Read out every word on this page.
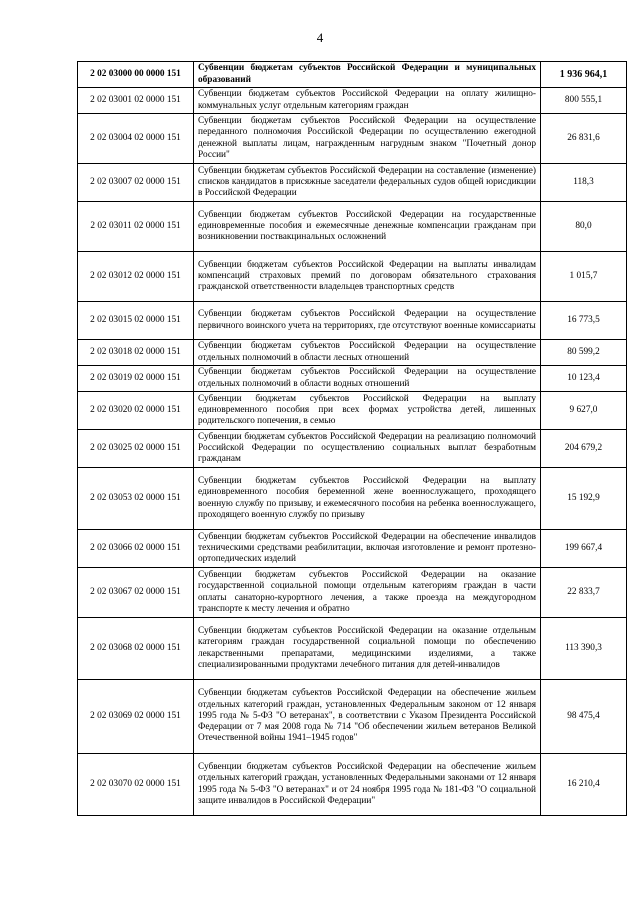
4
2 02 03000 00 0000 151	Субвенции бюджетам субъектов Российской Федерации и муниципальных образований	1 936 964,1
2 02 03001 02 0000 151	Субвенции бюджетам субъектов Российской Федерации на оплату жилищно-коммунальных услуг отдельным категориям граждан	800 555,1
2 02 03004 02 0000 151	Субвенции бюджетам субъектов Российской Федерации на осуществление переданного полномочия Российской Федерации по осуществлению ежегодной денежной выплаты лицам, награжденным нагрудным знаком "Почетный донор России"	26 831,6
2 02 03007 02 0000 151	Субвенции бюджетам субъектов Российской Федерации на составление (изменение) списков кандидатов в присяжные заседатели федеральных судов общей юрисдикции в Российской Федерации	118,3
2 02 03011 02 0000 151	Субвенции бюджетам субъектов Российской Федерации на государственные единовременные пособия и ежемесячные денежные компенсации гражданам при возникновении поствакцинальных осложнений	80,0
2 02 03012 02 0000 151	Субвенции бюджетам субъектов Российской Федерации на выплаты инвалидам компенсаций страховых премий по договорам обязательного страхования гражданской ответственности владельцев транспортных средств	1 015,7
2 02 03015 02 0000 151	Субвенции бюджетам субъектов Российской Федерации на осуществление первичного воинского учета на территориях, где отсутствуют военные комиссариаты	16 773,5
2 02 03018 02 0000 151	Субвенции бюджетам субъектов Российской Федерации на осуществление отдельных полномочий в области лесных отношений	80 599,2
2 02 03019 02 0000 151	Субвенции бюджетам субъектов Российской Федерации на осуществление отдельных полномочий в области водных отношений	10 123,4
2 02 03020 02 0000 151	Субвенции бюджетам субъектов Российской Федерации на выплату единовременного пособия при всех формах устройства детей, лишенных родительского попечения, в семью	9 627,0
2 02 03025 02 0000 151	Субвенции бюджетам субъектов Российской Федерации на реализацию полномочий Российской Федерации по осуществлению социальных выплат безработным гражданам	204 679,2
2 02 03053 02 0000 151	Субвенции бюджетам субъектов Российской Федерации на выплату единовременного пособия беременной жене военнослужащего, проходящего военную службу по призыву, и ежемесячного пособия на ребенка военнослужащего, проходящего военную службу по призыву	15 192,9
2 02 03066 02 0000 151	Субвенции бюджетам субъектов Российской Федерации на обеспечение инвалидов техническими средствами реабилитации, включая изготовление и ремонт протезно-ортопедических изделий	199 667,4
2 02 03067 02 0000 151	Субвенции бюджетам субъектов Российской Федерации на оказание государственной социальной помощи отдельным категориям граждан в части оплаты санаторно-курортного лечения, а также проезда на междугородном транспорте к месту лечения и обратно	22 833,7
2 02 03068 02 0000 151	Субвенции бюджетам субъектов Российской Федерации на оказание отдельным категориям граждан государственной социальной помощи по обеспечению лекарственными препаратами, медицинскими изделиями, а также специализированными продуктами лечебного питания для детей-инвалидов	113 390,3
2 02 03069 02 0000 151	Субвенции бюджетам субъектов Российской Федерации на обеспечение жильем отдельных категорий граждан, установленных Федеральным законом от 12 января 1995 года № 5-ФЗ "О ветеранах", в соответствии с Указом Президента Российской Федерации от 7 мая 2008 года № 714 "Об обеспечении жильем ветеранов Великой Отечественной войны 1941–1945 годов"	98 475,4
2 02 03070 02 0000 151	Субвенции бюджетам субъектов Российской Федерации на обеспечение жильем отдельных категорий граждан, установленных Федеральными законами от 12 января 1995 года № 5-ФЗ "О ветеранах" и от 24 ноября 1995 года № 181-ФЗ "О социальной защите инвалидов в Российской Федерации"	16 210,4
